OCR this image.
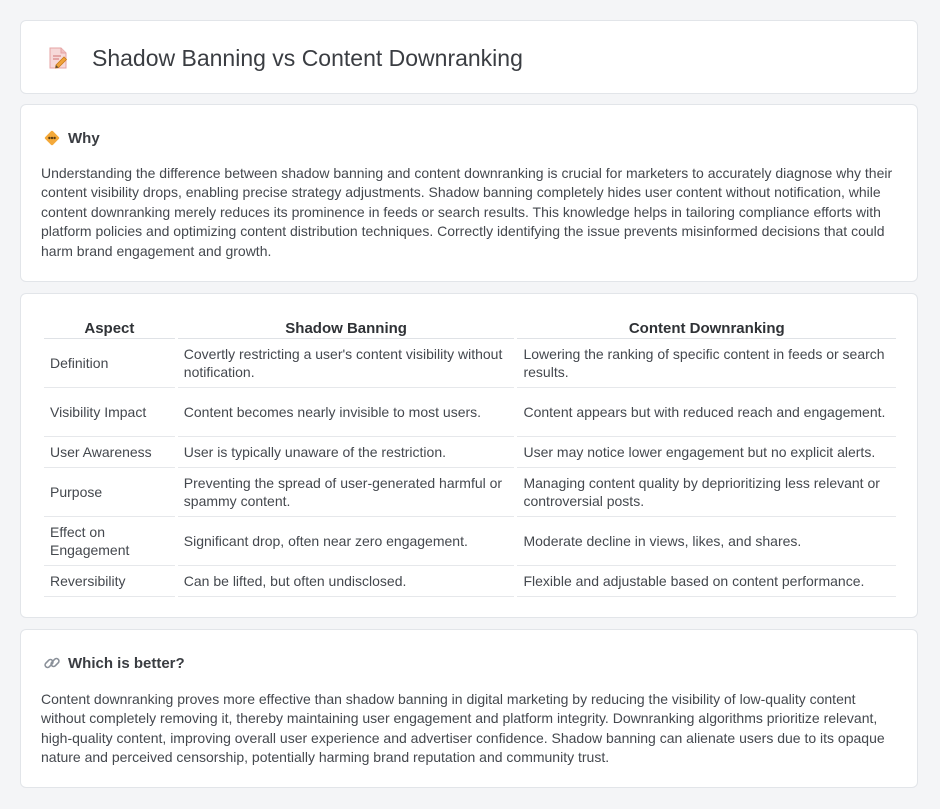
Shadow Banning vs Content Downranking
Why

Understanding the difference between shadow banning and content downranking is crucial for marketers to accurately diagnose why their content visibility drops, enabling precise strategy adjustments. Shadow banning completely hides user content without notification, while content downranking merely reduces its prominence in feeds or search results. This knowledge helps in tailoring compliance efforts with platform policies and optimizing content distribution techniques. Correctly identifying the issue prevents misinformed decisions that could harm brand engagement and growth.

Aspect	Shadow Banning	Content Downranking
Definition	Covertly restricting a user's content visibility without notification.	Lowering the ranking of specific content in feeds or search results.
Visibility Impact	Content becomes nearly invisible to most users.	Content appears but with reduced reach and engagement.
User Awareness	User is typically unaware of the restriction.	User may notice lower engagement but no explicit alerts.
Purpose	Preventing the spread of user-generated harmful or spammy content.	Managing content quality by deprioritizing less relevant or controversial posts.
Effect on Engagement	Significant drop, often near zero engagement.	Moderate decline in views, likes, and shares.
Reversibility	Can be lifted, but often undisclosed.	Flexible and adjustable based on content performance.
Which is better?

Content downranking proves more effective than shadow banning in digital marketing by reducing the visibility of low-quality content without completely removing it, thereby maintaining user engagement and platform integrity. Downranking algorithms prioritize relevant, high-quality content, improving overall user experience and advertiser confidence. Shadow banning can alienate users due to its opaque nature and perceived censorship, potentially harming brand reputation and community trust.
